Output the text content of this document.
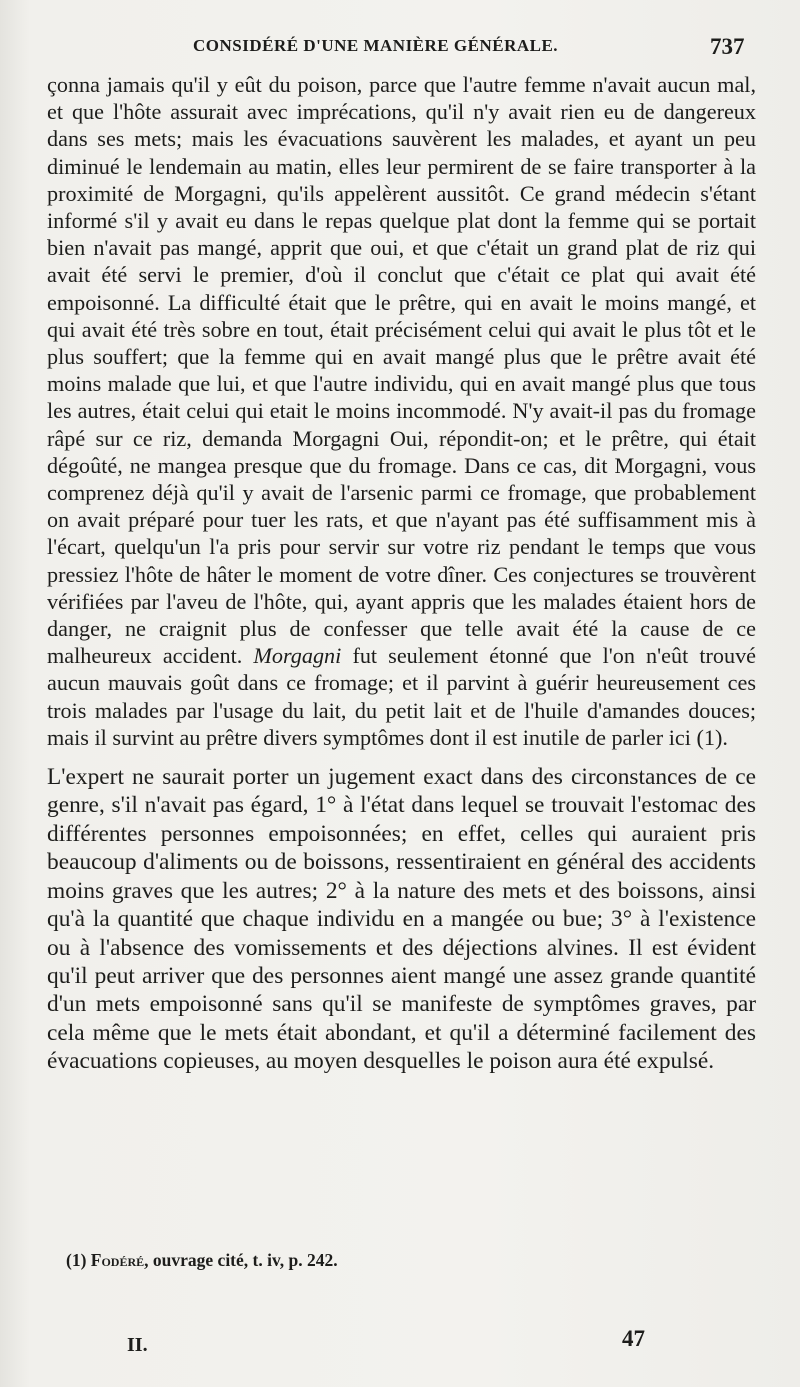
CONSIDÉRÉ D'UNE MANIÈRE GÉNÉRALE.	737

çonna jamais qu'il y eût du poison, parce que l'autre femme n'avait aucun mal, et que l'hôte assurait avec imprécations, qu'il n'y avait rien eu de dangereux dans ses mets; mais les évacuations sauvèrent les malades, et ayant un peu diminué le lendemain au matin, elles leur permirent de se faire transporter à la proximité de Morgagni, qu'ils appelèrent aussitôt. Ce grand médecin s'étant informé s'il y avait eu dans le repas quelque plat dont la femme qui se portait bien n'avait pas mangé, apprit que oui, et que c'était un grand plat de riz qui avait été servi le premier, d'où il conclut que c'était ce plat qui avait été empoisonné. La difficulté était que le prêtre, qui en avait le moins mangé, et qui avait été très sobre en tout, était précisément celui qui avait le plus tôt et le plus souffert; que la femme qui en avait mangé plus que le prêtre avait été moins malade que lui, et que l'autre individu, qui en avait mangé plus que tous les autres, était celui qui etait le moins incommodé. N'y avait-il pas du fromage râpé sur ce riz, demanda Morgagni Oui, répondit-on; et le prêtre, qui était dégoûté, ne mangea presque que du fromage. Dans ce cas, dit Morgagni, vous comprenez déjà qu'il y avait de l'arsenic parmi ce fromage, que probablement on avait préparé pour tuer les rats, et que n'ayant pas été suffisamment mis à l'écart, quelqu'un l'a pris pour servir sur votre riz pendant le temps que vous pressiez l'hôte de hâter le moment de votre dîner. Ces conjectures se trouvèrent vérifiées par l'aveu de l'hôte, qui, ayant appris que les malades étaient hors de danger, ne craignit plus de confesser que telle avait été la cause de ce malheureux accident. Morgagni fut seulement étonné que l'on n'eût trouvé aucun mauvais goût dans ce fromage; et il parvint à guérir heureusement ces trois malades par l'usage du lait, du petit lait et de l'huile d'amandes douces; mais il survint au prêtre divers symptômes dont il est inutile de parler ici (1).

L'expert ne saurait porter un jugement exact dans des circonstances de ce genre, s'il n'avait pas égard, 1° à l'état dans lequel se trouvait l'estomac des différentes personnes empoisonnées; en effet, celles qui auraient pris beaucoup d'aliments ou de boissons, ressentiraient en général des accidents moins graves que les autres; 2° à la nature des mets et des boissons, ainsi qu'à la quantité que chaque individu en a mangée ou bue; 3° à l'existence ou à l'absence des vomissements et des déjections alvines. Il est évident qu'il peut arriver que des personnes aient mangé une assez grande quantité d'un mets empoisonné sans qu'il se manifeste de symptômes graves, par cela même que le mets était abondant, et qu'il a déterminé facilement des évacuations copieuses, au moyen desquelles le poison aura été expulsé.

(1) Fodéré, ouvrage cité, t. iv, p. 242.
II.	47
